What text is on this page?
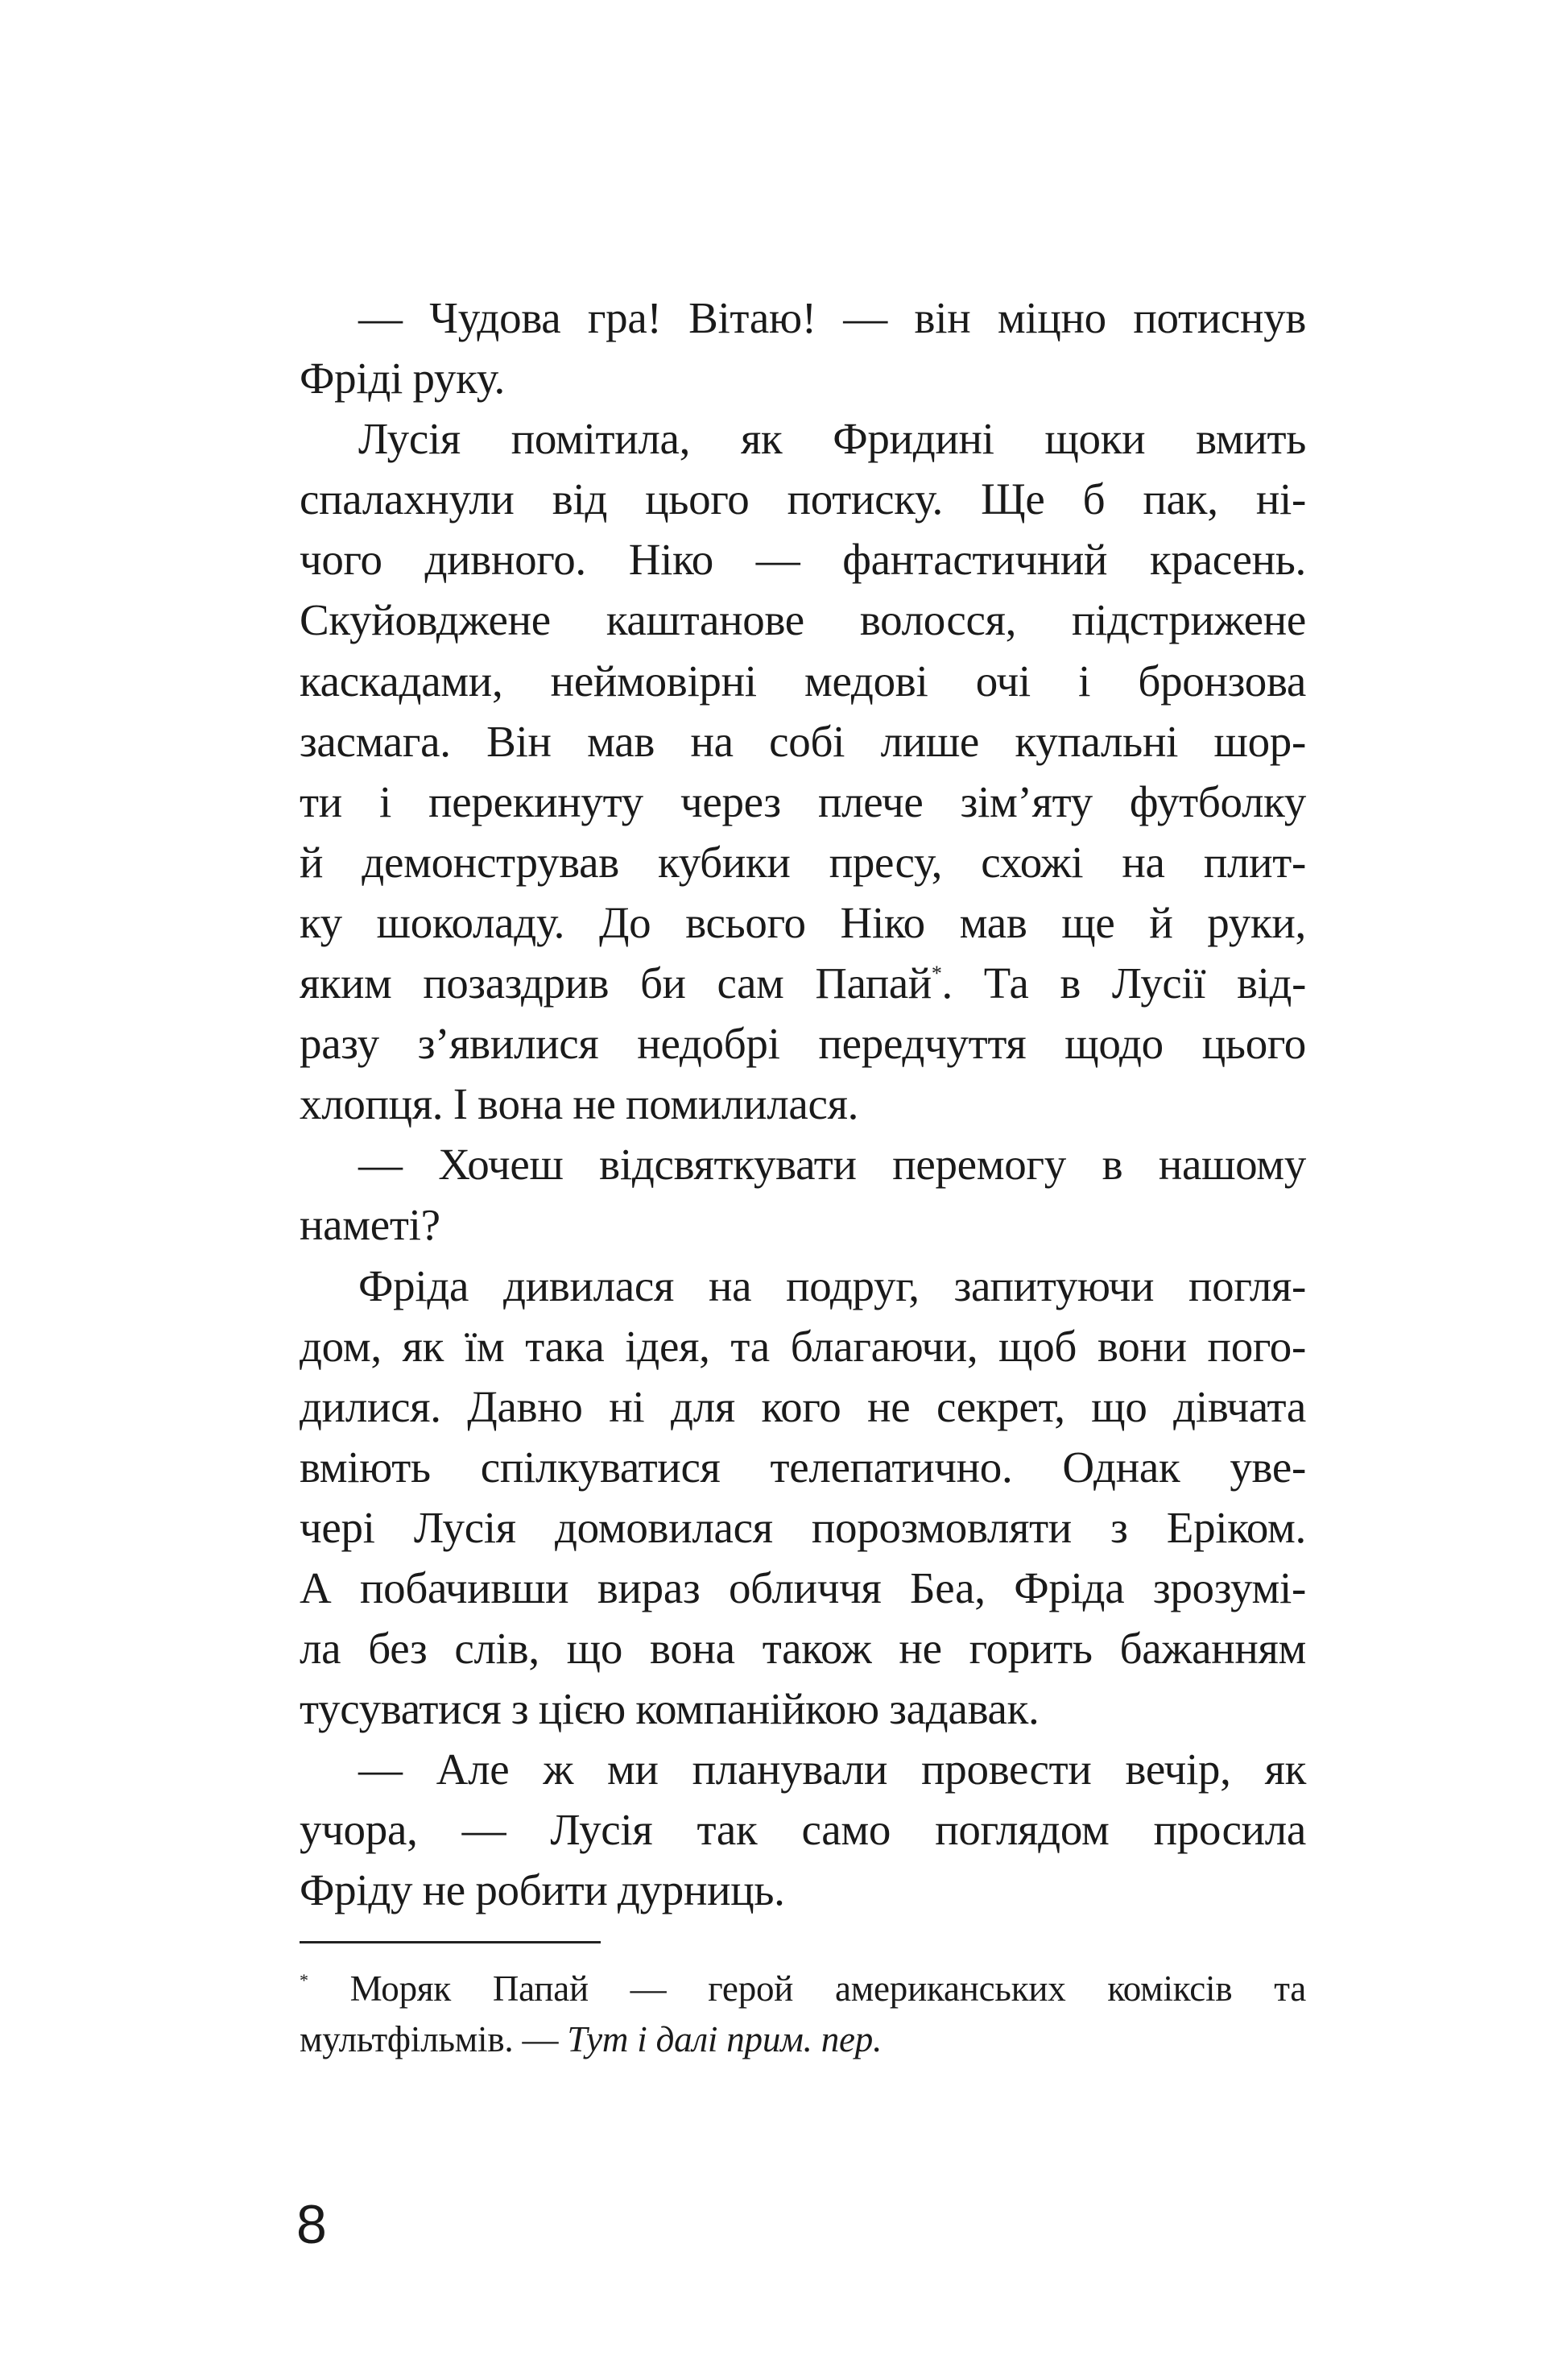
— Чудова гра! Вітаю! — він міцно потиснув
Фріді руку.
Лусія помітила, як Фридині щоки вмить
спалахнули від цього потиску. Ще б пак, ні-
чого дивного. Ніко — фантастичний красень.
Скуйовджене каштанове волосся, підстрижене
каскадами, неймовірні медові очі і бронзова
засмага. Він мав на собі лише купальні шор-
ти і перекинуту через плече зім’яту футболку
й демонстрував кубики пресу, схожі на плит-
ку шоколаду. До всього Ніко мав ще й руки,
яким позаздрив би сам Папай*. Та в Лусії від-
разу з’явилися недобрі передчуття щодо цього
хлопця. І вона не помилилася.
— Хочеш відсвяткувати перемогу в нашому
наметі?
Фріда дивилася на подруг, запитуючи погля-
дом, як їм така ідея, та благаючи, щоб вони пого-
дилися. Давно ні для кого не секрет, що дівчата
вміють спілкуватися телепатично. Однак уве-
чері Лусія домовилася порозмовляти з Еріком.
А побачивши вираз обличчя Беа, Фріда зрозумі-
ла без слів, що вона також не горить бажанням
тусуватися з цією компанійкою задавак.
— Але ж ми планували провести вечір, як
учора, — Лусія так само поглядом просила
Фріду не робити дурниць.
* Моряк Папай — герой американських коміксів та
мультфільмів. — Тут і далі прим. пер.
8
